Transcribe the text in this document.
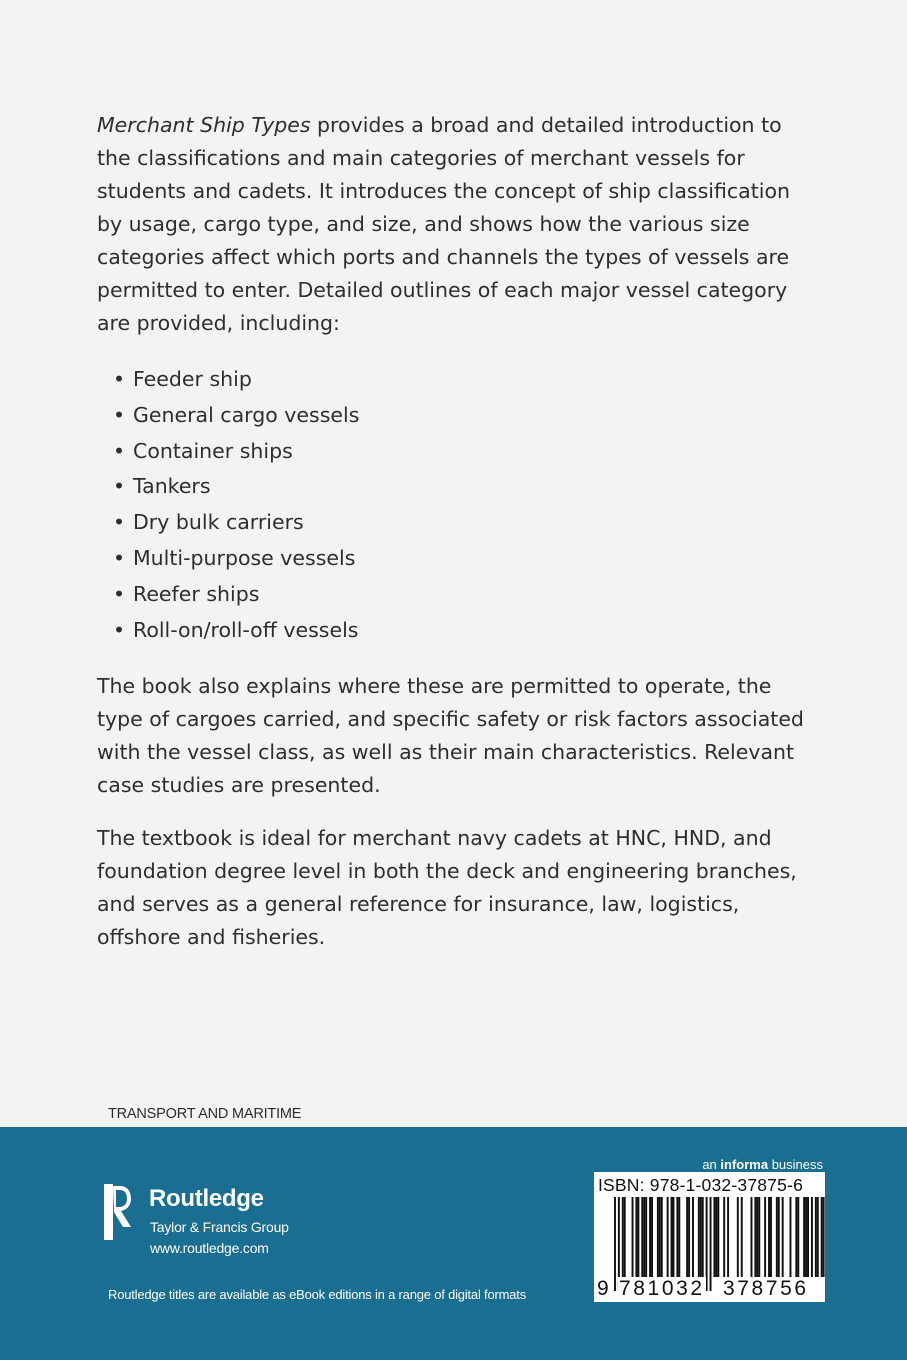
Merchant Ship Types provides a broad and detailed introduction to the classifications and main categories of merchant vessels for students and cadets. It introduces the concept of ship classification by usage, cargo type, and size, and shows how the various size categories affect which ports and channels the types of vessels are permitted to enter. Detailed outlines of each major vessel category are provided, including:

• Feeder ship
• General cargo vessels
• Container ships
• Tankers
• Dry bulk carriers
• Multi-purpose vessels
• Reefer ships
• Roll-on/roll-off vessels

The book also explains where these are permitted to operate, the type of cargoes carried, and specific safety or risk factors associated with the vessel class, as well as their main characteristics. Relevant case studies are presented.

The textbook is ideal for merchant navy cadets at HNC, HND, and foundation degree level in both the deck and engineering branches, and serves as a general reference for insurance, law, logistics, offshore and fisheries.

TRANSPORT AND MARITIME
R
Routledge
Taylor & Francis Group
www.routledge.com
Routledge titles are available as eBook editions in a range of digital formats
an informa business
ISBN: 978-1-032-37875-6
9 781032 378756
